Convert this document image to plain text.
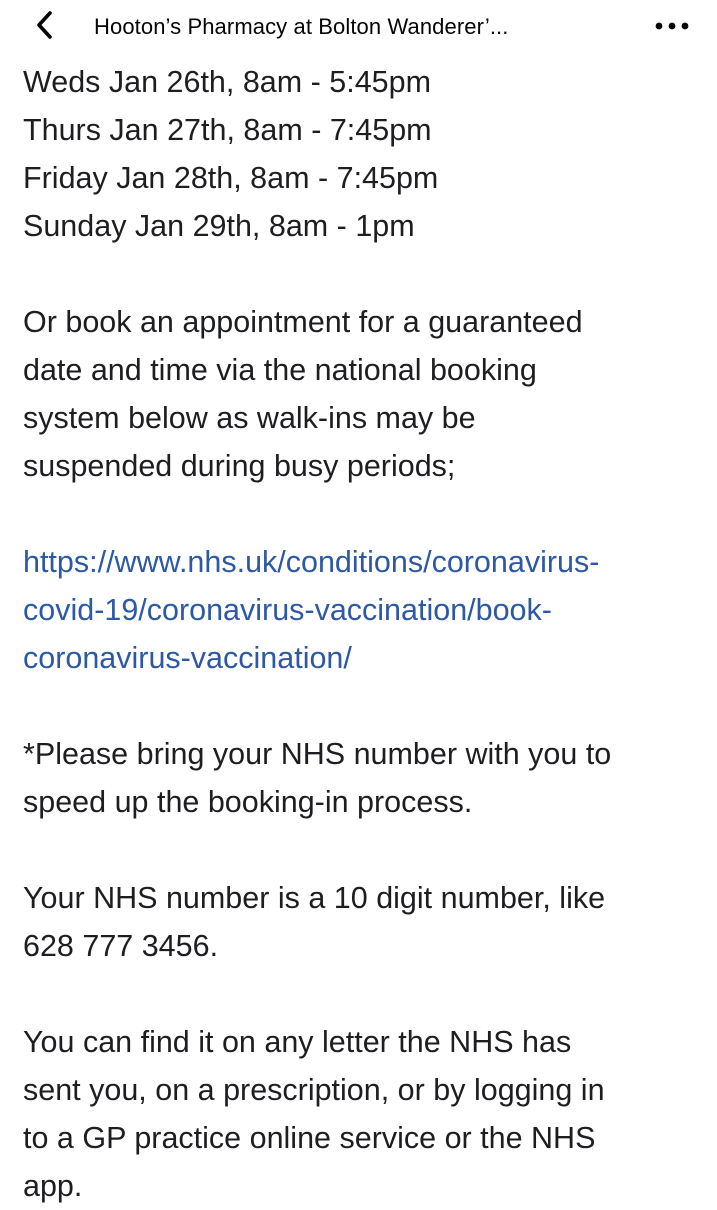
Hooton’s Pharmacy at Bolton Wanderer’...

Weds Jan 26th, 8am - 5:45pm
Thurs Jan 27th, 8am - 7:45pm
Friday Jan 28th, 8am - 7:45pm
Sunday Jan 29th, 8am - 1pm

Or book an appointment for a guaranteed
date and time via the national booking
system below as walk-ins may be
suspended during busy periods;

https://www.nhs.uk/conditions/coronavirus-
covid-19/coronavirus-vaccination/book-
coronavirus-vaccination/

*Please bring your NHS number with you to
speed up the booking-in process.

Your NHS number is a 10 digit number, like
628 777 3456.

You can find it on any letter the NHS has
sent you, on a prescription, or by logging in
to a GP practice online service or the NHS
app.
